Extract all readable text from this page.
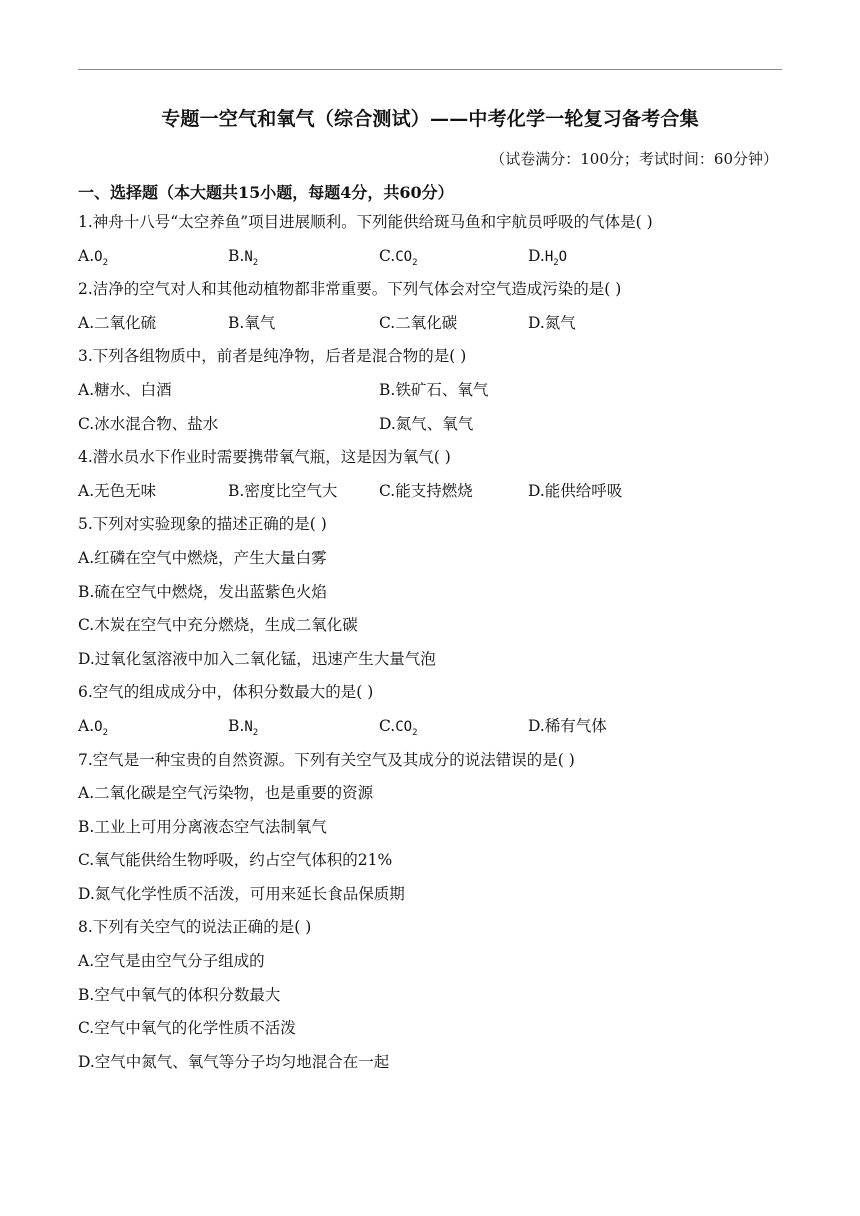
专题一空气和氧气（综合测试）——中考化学一轮复习备考合集
（试卷满分：100分；考试时间：60分钟）
一、选择题（本大题共15小题，每题4分，共60分）
1.神舟十八号“太空养鱼”项目进展顺利。下列能供给斑马鱼和宇航员呼吸的气体是( )
$A.O_2$	$B.N_2$	$C.CO_2$	$D.H_2O$
2.洁净的空气对人和其他动植物都非常重要。下列气体会对空气造成污染的是( )
A.二氧化硫	B.氧气	C.二氧化碳	D.氮气
3.下列各组物质中，前者是纯净物，后者是混合物的是( )
A.糖水、白酒	B.铁矿石、氧气
C.冰水混合物、盐水	D.氮气、氧气
4.潜水员水下作业时需要携带氧气瓶，这是因为氧气( )
A.无色无味	B.密度比空气大	C.能支持燃烧	D.能供给呼吸
5.下列对实验现象的描述正确的是( )
A.红磷在空气中燃烧，产生大量白雾
B.硫在空气中燃烧，发出蓝紫色火焰
C.木炭在空气中充分燃烧，生成二氧化碳
D.过氧化氢溶液中加入二氧化锰，迅速产生大量气泡
6.空气的组成成分中，体积分数最大的是( )
$A.O_2$	$B.N_2$	$C.CO_2$	D.稀有气体
7.空气是一种宝贵的自然资源。下列有关空气及其成分的说法错误的是( )
A.二氧化碳是空气污染物，也是重要的资源
B.工业上可用分离液态空气法制氧气
C.氧气能供给生物呼吸，约占空气体积的21%
D.氮气化学性质不活泼，可用来延长食品保质期
8.下列有关空气的说法正确的是( )
A.空气是由空气分子组成的
B.空气中氧气的体积分数最大
C.空气中氧气的化学性质不活泼
D.空气中氮气、氧气等分子均匀地混合在一起
